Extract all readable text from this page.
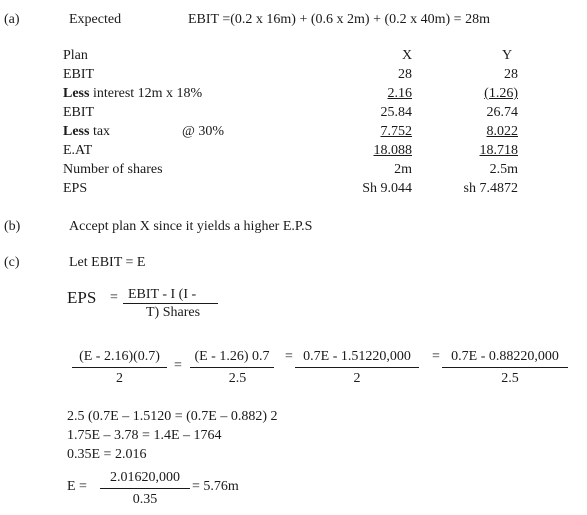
(a)	Expected	EBIT =(0.2 x 16m) + (0.6 x 2m) + (0.2 x 40m) = 28m
Plan	X	Y
EBIT	28	28
Less interest 12m x 18%	2.16	(1.26)
EBIT	25.84	26.74
Less tax	@ 30%	7.752	8.022
E.AT	18.088	18.718
Number of shares	2m	2.5m
EPS	Sh 9.044	sh 7.4872
(b)	Accept plan X since it yields a higher E.P.S
(c)	Let EBIT = E
EPS = EBIT - I (I -
T) Shares
(E - 2.16)(0.7)
2
=
(E - 1.26) 0.7
2.5
= 0.7E - 1.51220,000
2
= 0.7E - 0.88220,000
2.5
2.5 (0.7E – 1.5120 = (0.7E – 0.882) 2
1.75E – 3.78 = 1.4E – 1764
0.35E = 2.016
E =
2.01620,000
0.35
= 5.76m
